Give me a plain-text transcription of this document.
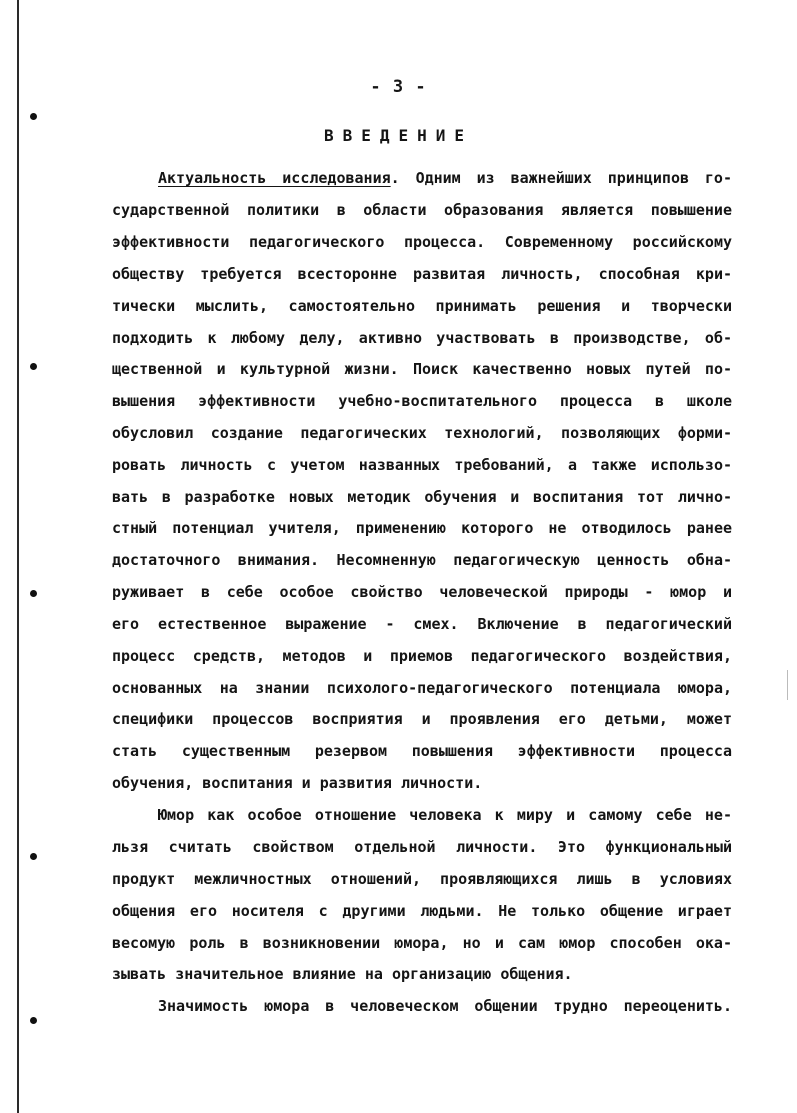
- 3 -
ВВЕДЕНИЕ
Актуальность исследования. Одним из важнейших принципов го-
сударственной политики в области образования является повышение
эффективности педагогического процесса. Современному российскому
обществу требуется всесторонне развитая личность, способная кри-
тически мыслить, самостоятельно принимать решения и творчески
подходить к любому делу, активно участвовать в производстве, об-
щественной и культурной жизни. Поиск качественно новых путей по-
вышения эффективности учебно-воспитательного процесса в школе
обусловил создание педагогических технологий, позволяющих форми-
ровать личность с учетом названных требований, а также использо-
вать в разработке новых методик обучения и воспитания тот лично-
стный потенциал учителя, применению которого не отводилось ранее
достаточного внимания. Несомненную педагогическую ценность обна-
руживает в себе особое свойство человеческой природы - юмор и
его естественное выражение - смех. Включение в педагогический
процесс средств, методов и приемов педагогического воздействия,
основанных на знании психолого-педагогического потенциала юмора,
специфики процессов восприятия и проявления его детьми, может
стать существенным резервом повышения эффективности процесса
обучения, воспитания и развития личности.
Юмор как особое отношение человека к миру и самому себе не-
льзя считать свойством отдельной личности. Это функциональный
продукт межличностных отношений, проявляющихся лишь в условиях
общения его носителя с другими людьми. Не только общение играет
весомую роль в возникновении юмора, но и сам юмор способен ока-
зывать значительное влияние на организацию общения.
Значимость юмора в человеческом общении трудно переоценить.
